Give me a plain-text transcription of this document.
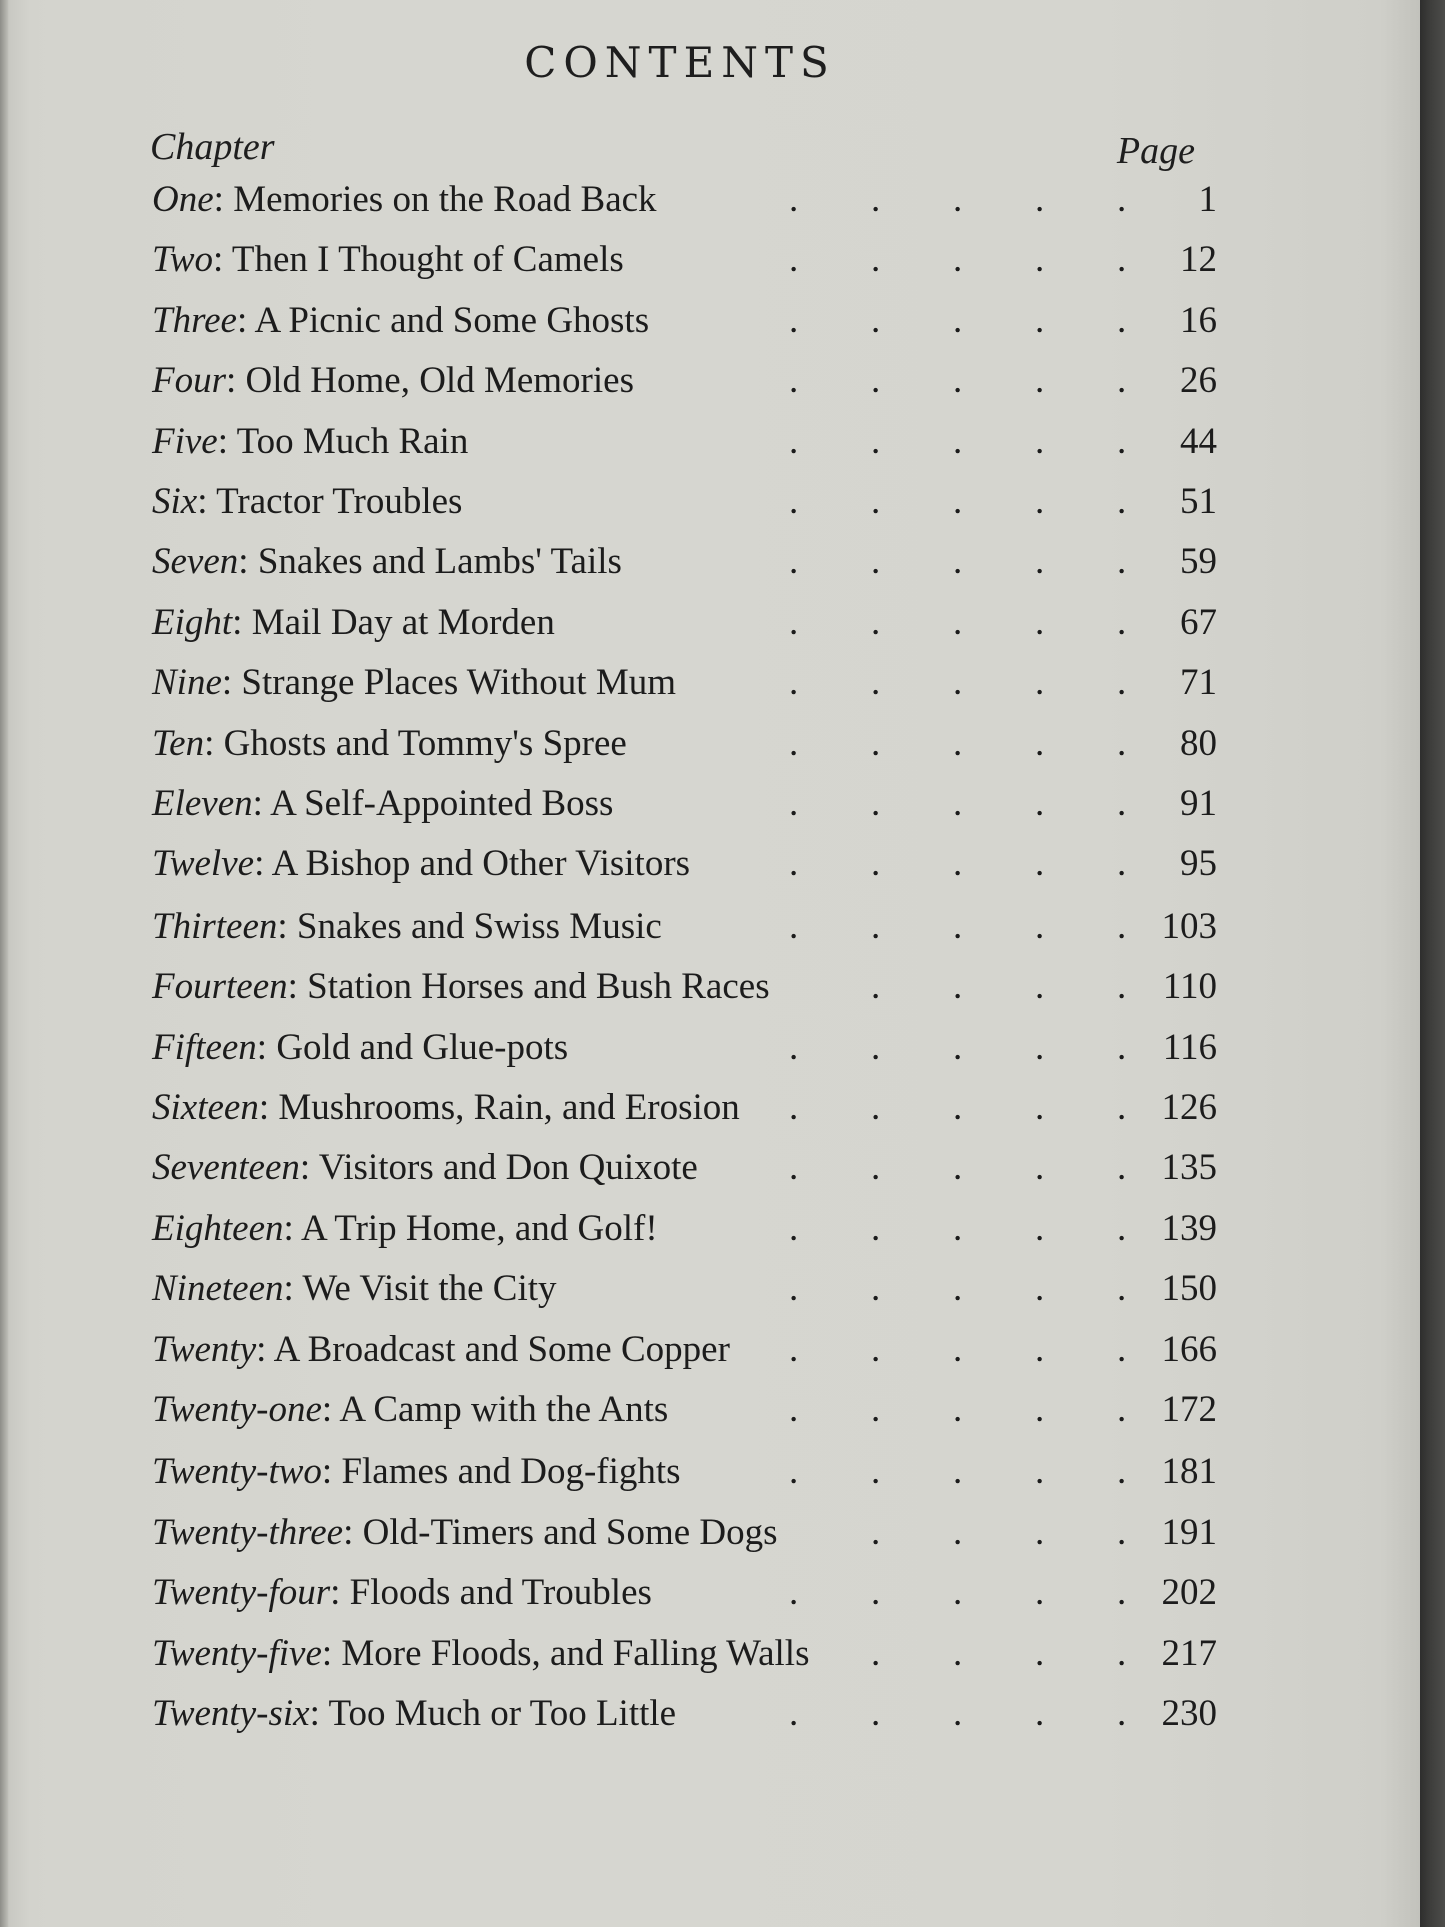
CONTENTS
Chapter	Page
One: Memories on the Road Back	1
. . . . .
Two: Then I Thought of Camels	12
. . . . .
Three: A Picnic and Some Ghosts	16
. . . . .
Four: Old Home, Old Memories	26
. . . . .
Five: Too Much Rain	44
. . . . .
Six: Tractor Troubles	51
. . . . .
Seven: Snakes and Lambs' Tails	59
. . . . .
Eight: Mail Day at Morden	67
. . . . .
Nine: Strange Places Without Mum	71
. . . . .
Ten: Ghosts and Tommy's Spree	80
. . . . .
Eleven: A Self-Appointed Boss	91
. . . . .
Twelve: A Bishop and Other Visitors	95
. . . . .
Thirteen: Snakes and Swiss Music	103
. . . . .
Fourteen: Station Horses and Bush Races	110
. . . .
Fifteen: Gold and Glue-pots	116
. . . . .
Sixteen: Mushrooms, Rain, and Erosion	126
. . . . .
Seventeen: Visitors and Don Quixote	135
. . . . .
Eighteen: A Trip Home, and Golf!	139
. . . . .
Nineteen: We Visit the City	150
. . . . .
Twenty: A Broadcast and Some Copper	166
. . . . .
Twenty-one: A Camp with the Ants	172
. . . . .
Twenty-two: Flames and Dog-fights	181
. . . . .
Twenty-three: Old-Timers and Some Dogs	191
. . . .
Twenty-four: Floods and Troubles	202
. . . . .
Twenty-five: More Floods, and Falling Walls	217
. . . .
Twenty-six: Too Much or Too Little	230
. . . . .
